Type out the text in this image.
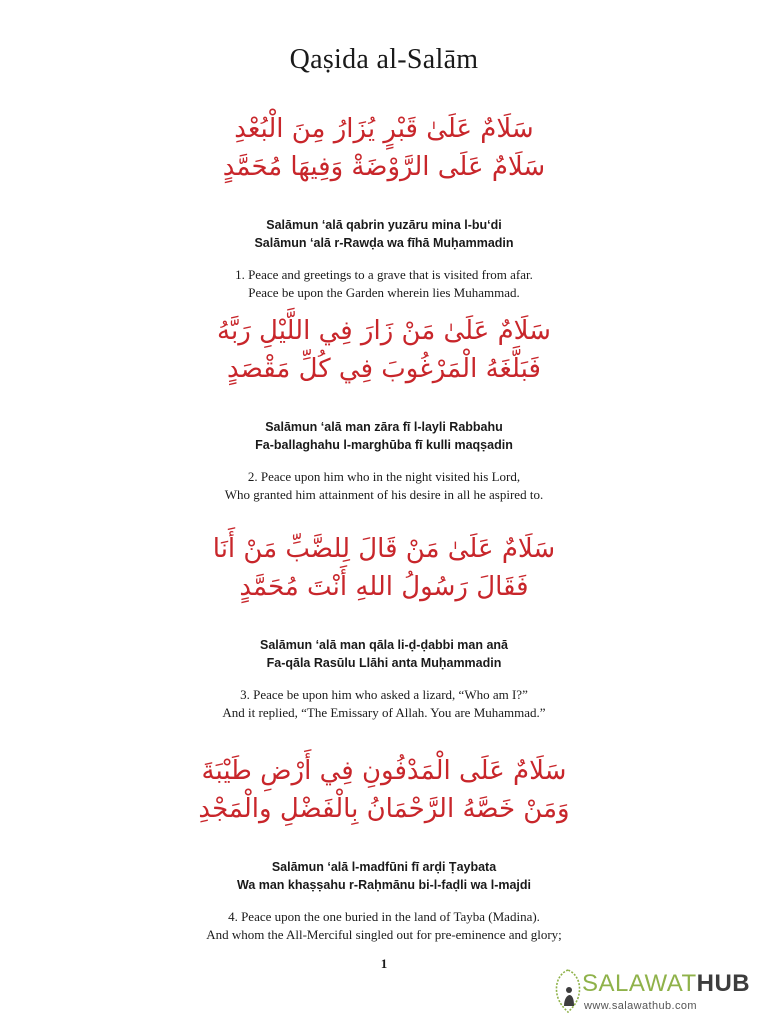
Qaṣida al-Salām
سَلَامٌ عَلَىٰ قَبْرٍ يُزَارُ مِنَ الْبُعْدِ
سَلَامٌ عَلَى الرَّوْضَةْ وَفِيهَا مُحَمَّدٍ
Salāmun ‘alā qabrin yuzāru mina l-bu‘di
Salāmun ‘alā r-Rawḍa wa fīhā Muḥammadin
1. Peace and greetings to a grave that is visited from afar.
Peace be upon the Garden wherein lies Muhammad.
سَلَامٌ عَلَىٰ مَنْ زَارَ فِي اللَّيْلِ رَبَّهُ
فَبَلَّغَهُ الْمَرْغُوبَ فِي كُلِّ مَقْصَدٍ
Salāmun ‘alā man zāra fī l-layli Rabbahu
Fa-ballaghahu l-marghūba fī kulli maqṣadin
2. Peace upon him who in the night visited his Lord,
Who granted him attainment of his desire in all he aspired to.
سَلَامٌ عَلَىٰ مَنْ قَالَ لِلضَّبِّ مَنْ أَنَا
فَقَالَ رَسُولُ اللهِ أَنْتَ مُحَمَّدٍ
Salāmun ‘alā man qāla li-ḍ-ḍabbi man anā
Fa-qāla Rasūlu Llāhi anta Muḥammadin
3. Peace be upon him who asked a lizard, “Who am I?”
And it replied, “The Emissary of Allah. You are Muhammad.”
سَلَامٌ عَلَى الْمَدْفُونِ فِي أَرْضِ طَيْبَةَ
وَمَنْ خَصَّهُ الرَّحْمَانُ بِالْفَضْلِ والْمَجْدِ
Salāmun ‘alā l-madfūni fī arḍi Ṭaybata
Wa man khaṣṣahu r-Raḥmānu bi-l-faḍli wa l-majdi
4. Peace upon the one buried in the land of Tayba (Madina).
And whom the All-Merciful singled out for pre-eminence and glory;
1
SALAWATHUB
www.salawathub.com
